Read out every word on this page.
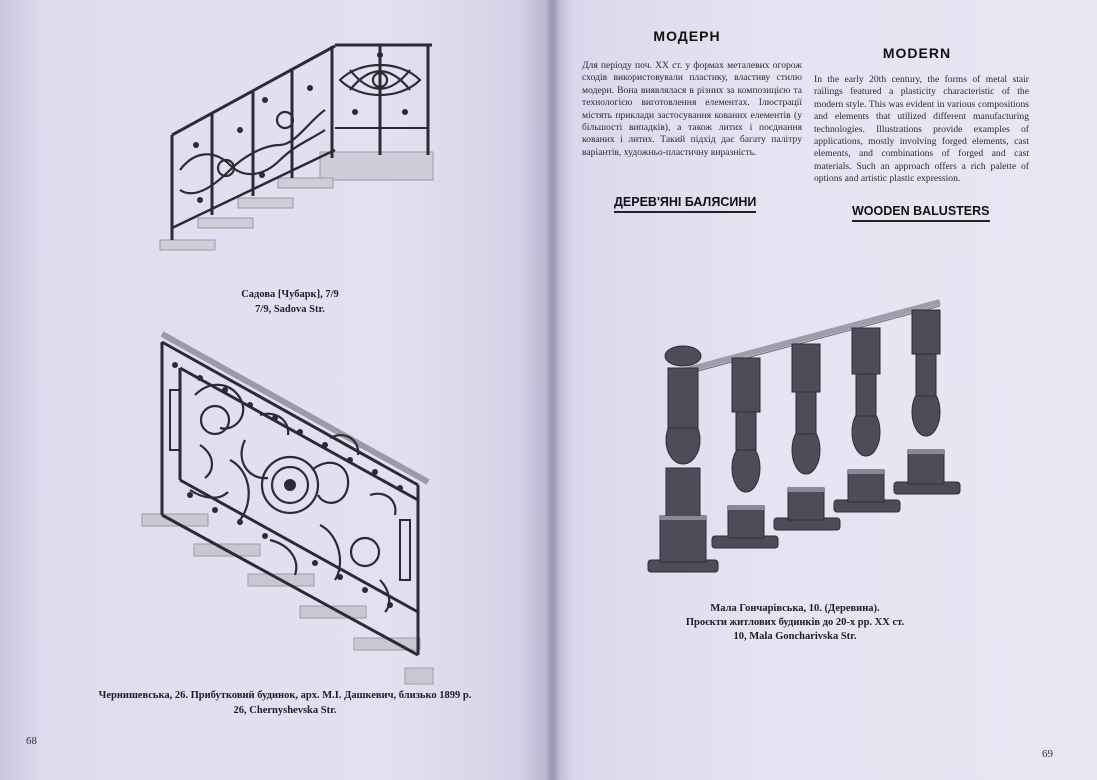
Садова [Чубарк], 7/9
7/9, Sadova Str.
Чернишевська, 26. Прибутковий будинок, арх. М.І. Дашкевич, близько 1899 р.
26, Chernyshevska Str.
68
МОДЕРН
MODERN
Для періоду поч. XX ст. у формах металевих огорож сходів використовували пластику, властиву стилю модерн. Вона виявлялася в різних за композицією та технологією виготовлення елементах. Ілюстрації містять приклади застосування кованих елементів (у більшості випадків), а також литих і поєднання кованих і литих. Такий підхід дає багату палітру варіантів, художньо-пластичну виразність.
In the early 20th century, the forms of metal stair railings featured a plasticity characteristic of the modern style. This was evident in various compositions and elements that utilized different manufacturing technologies. Illustrations provide examples of applications, mostly involving forged elements, cast elements, and combinations of forged and cast materials. Such an approach offers a rich palette of options and artistic plastic expression.
ДЕРЕВ'ЯНІ БАЛЯСИНИ
WOODEN BALUSTERS
Мала Гончарівська, 10. (Деревина).
Проєкти житлових будинків до 20-х рр. XX ст.
10, Mala Goncharivska Str.
69
